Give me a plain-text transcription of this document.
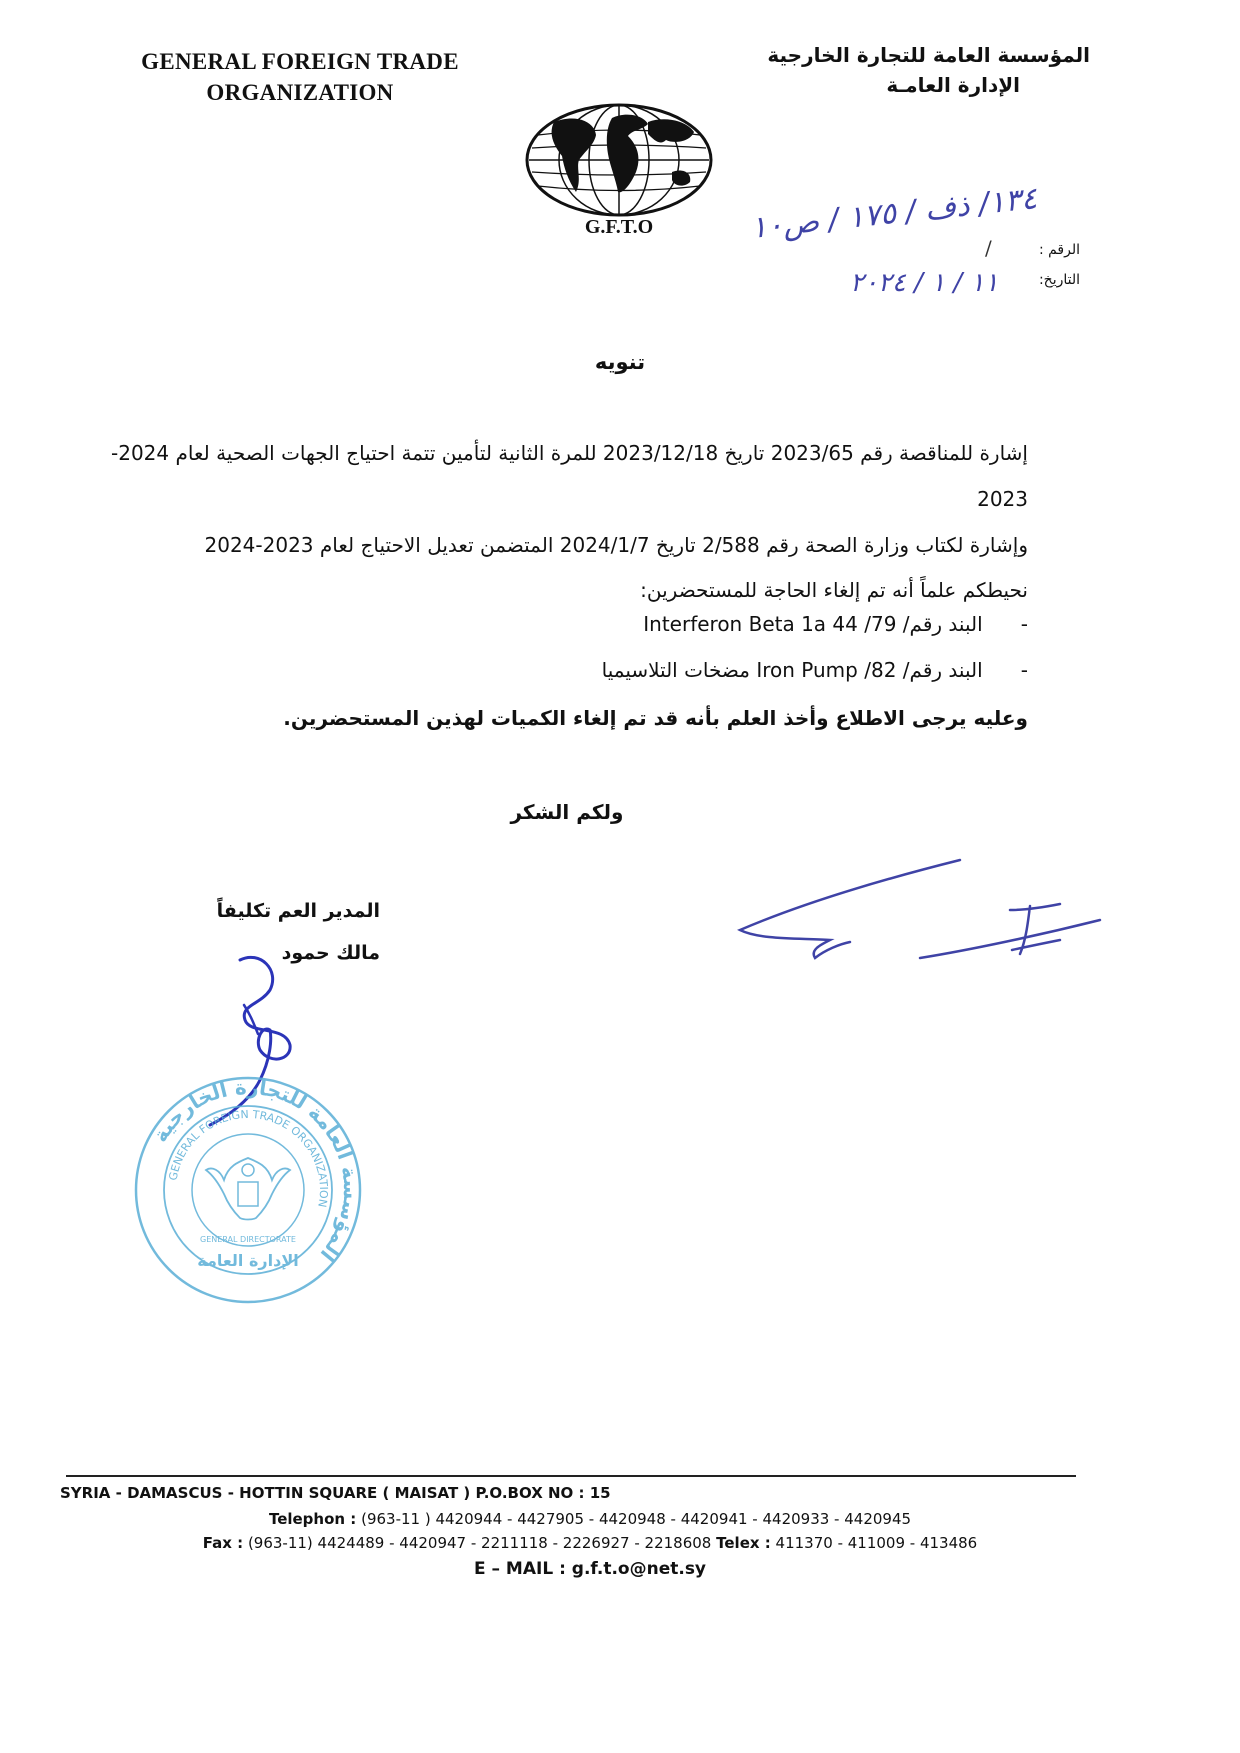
GENERAL FOREIGN TRADE
ORGANIZATION
المؤسسة العامة للتجارة الخارجية
الإدارة العامـة
G.F.T.O
الرقم :
١٣٤/ ذف / ١٧٥ / ص١٠
/
التاريخ:
١١ / ١ / ٢٠٢٤
تنويه
إشارة للمناقصة رقم 2023/65 تاريخ 2023/12/18 للمرة الثانية لتأمين تتمة احتياج الجهات الصحية لعام 2024-2023
وإشارة لكتاب وزارة الصحة رقم 2/588 تاريخ 2024/1/7 المتضمن تعديل الاحتياج لعام 2023-2024
نحيطكم علماً أنه تم إلغاء الحاجة للمستحضرين:
-      البند رقم/ 79/ Interferon Beta 1a 44
-      البند رقم/ 82/ Iron Pump مضخات التلاسيميا
وعليه يرجى الاطلاع وأخذ العلم بأنه قد تم إلغاء الكميات لهذين المستحضرين.
ولكم الشكر
المدير العم تكليفاً
مالك حمود
المؤسسة العامة للتجارة الخارجية
GENERAL FOREIGN TRADE ORGANIZATION
الإدارة العامة
GENERAL DIRECTORATE
SYRIA - DAMASCUS - HOTTIN SQUARE ( MAISAT ) P.O.BOX NO : 15
Telephon : (963-11 ) 4420944 - 4427905 - 4420948 - 4420941 - 4420933 - 4420945
Fax : (963-11) 4424489 - 4420947 - 2211118 - 2226927 - 2218608 Telex : 411370 - 411009 - 413486
E – MAIL : g.f.t.o@net.sy
